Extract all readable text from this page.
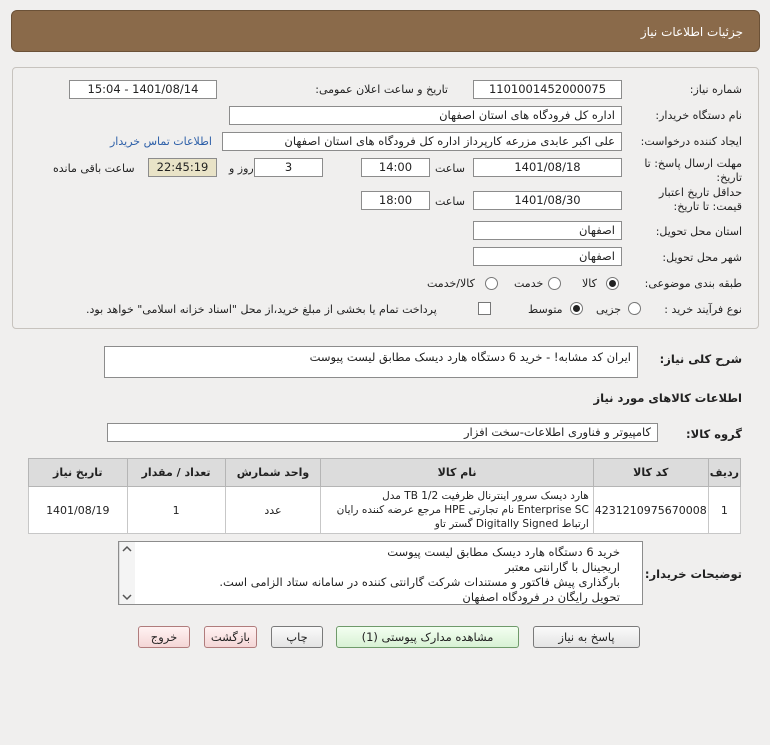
جزئیات اطلاعات نیاز
شماره نیاز:
1101001452000075
تاریخ و ساعت اعلان عمومی:
1401/08/14 - 15:04
نام دستگاه خریدار:
اداره کل فرودگاه های استان اصفهان
ایجاد کننده درخواست:
علی اکبر عابدی مزرعه کارپرداز اداره کل فرودگاه های استان اصفهان
اطلاعات تماس خریدار
مهلت ارسال پاسخ: تا تاریخ:
1401/08/18
ساعت
14:00
3
روز و
22:45:19
ساعت باقی مانده
حداقل تاریخ اعتبار قیمت: تا تاریخ:
1401/08/30
ساعت
18:00
استان محل تحویل:
اصفهان
شهر محل تحویل:
اصفهان
طبقه بندی موضوعی:
کالا
خدمت
کالا/خدمت
نوع فرآیند خرید :
جزیی
متوسط
پرداخت تمام یا بخشی از مبلغ خرید،از محل "اسناد خزانه اسلامی" خواهد بود.
شرح کلی نیاز:
ایران کد مشابه! - خرید 6 دستگاه هارد دیسک مطابق لیست پیوست
اطلاعات کالاهای مورد نیاز
گروه کالا:
کامپیوتر و فناوری اطلاعات-سخت افزار
ردیف	کد کالا	نام کالا	واحد شمارش	تعداد / مقدار	تاریخ نیاز
1	4231210975670008	هارد دیسک سرور اینترنال ظرفیت 1/2 TB مدل Enterprise SC نام تجارتی HPE مرجع عرضه کننده رایان ارتباط Digitally Signed گستر تاو	عدد	1	1401/08/19
توضیحات خریدار:
خرید 6 دستگاه هارد دیسک مطابق لیست پیوست
اریجینال با گارانتی معتبر
بارگذاری پیش فاکتور و مستندات شرکت گارانتی کننده در سامانه ستاد الزامی است.
تحویل رایگان در فرودگاه اصفهان
پاسخ به نیاز
مشاهده مدارک پیوستی (1)
چاپ
بازگشت
خروج
